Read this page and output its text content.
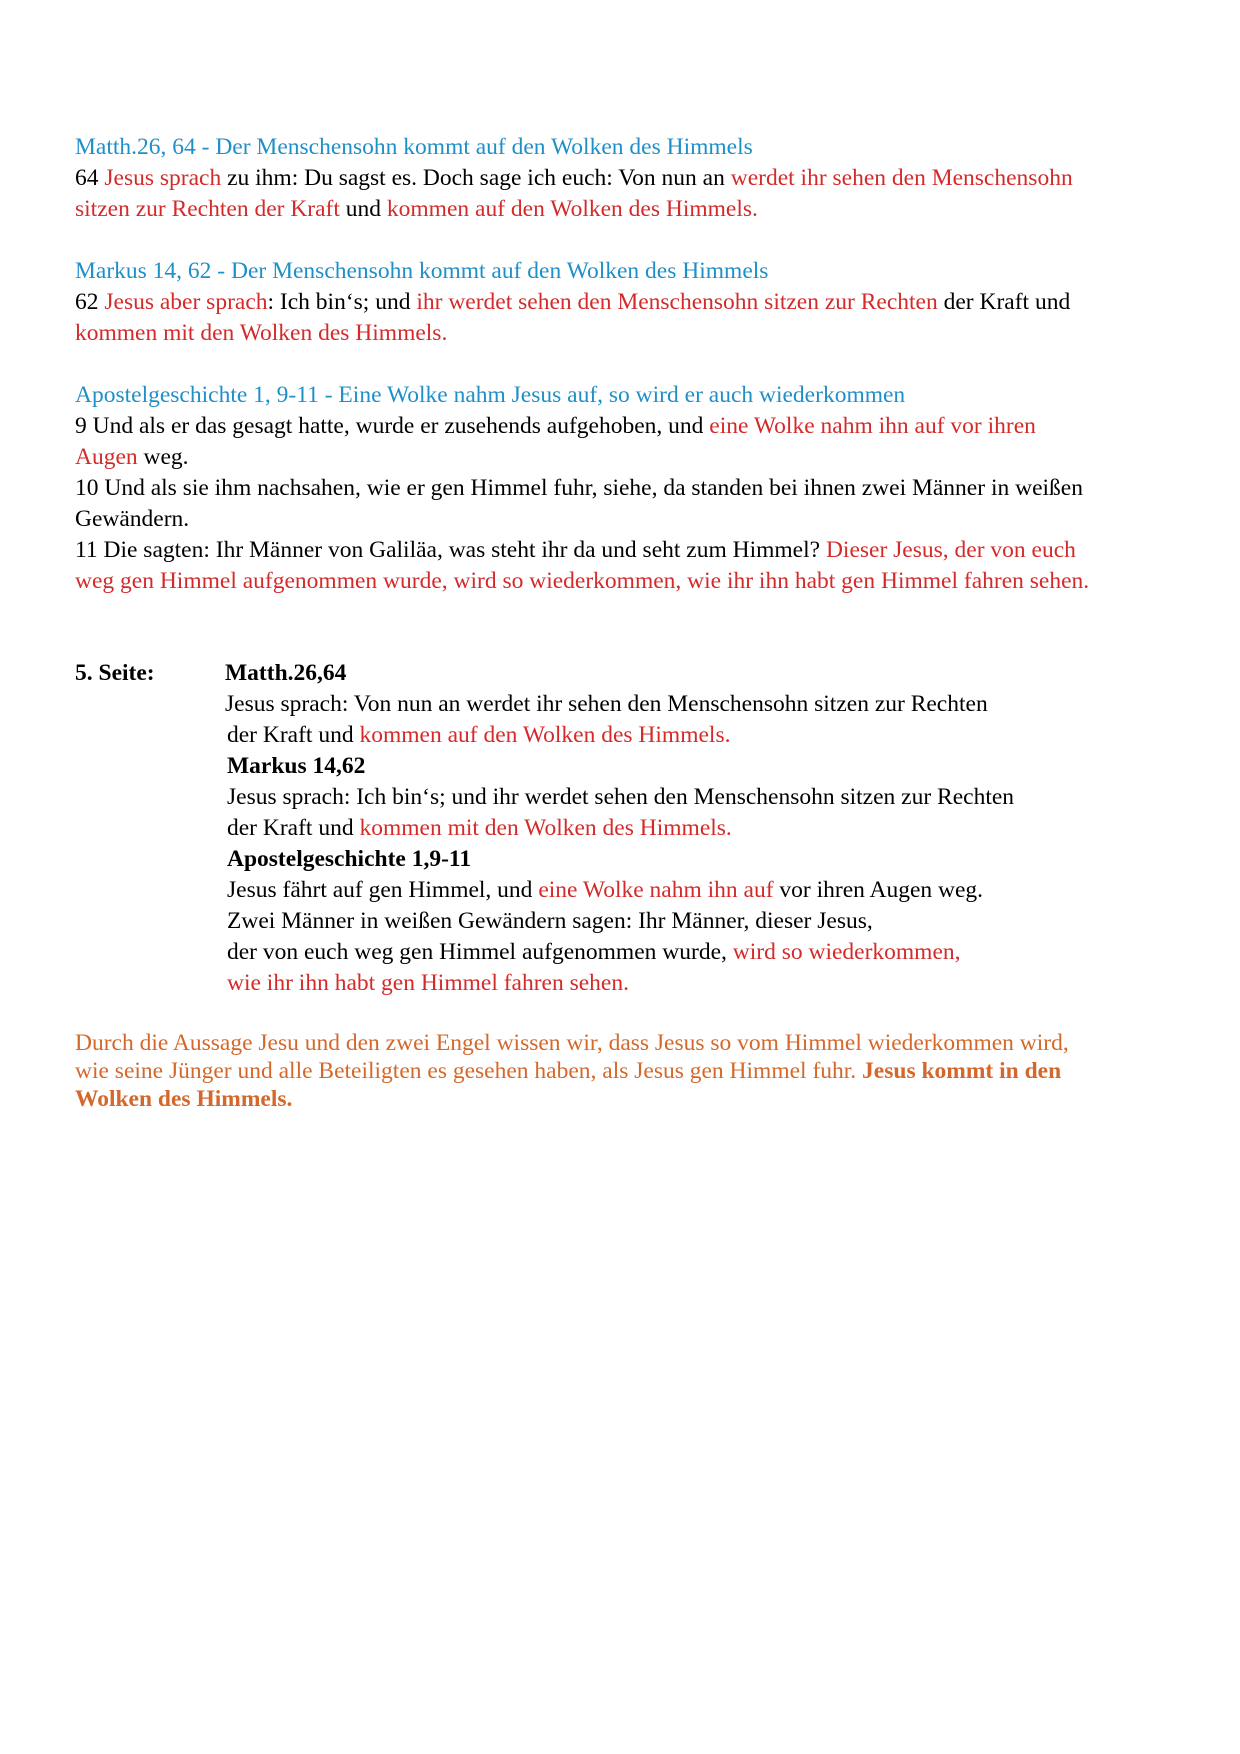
Matth.26, 64 - Der Menschensohn kommt auf den Wolken des Himmels

64 Jesus sprach zu ihm: Du sagst es. Doch sage ich euch: Von nun an werdet ihr sehen den Menschensohn

sitzen zur Rechten der Kraft und kommen auf den Wolken des Himmels.

Markus 14, 62 - Der Menschensohn kommt auf den Wolken des Himmels

62 Jesus aber sprach: Ich bin‘s; und ihr werdet sehen den Menschensohn sitzen zur Rechten der Kraft und

kommen mit den Wolken des Himmels.

Apostelgeschichte 1, 9-11 - Eine Wolke nahm Jesus auf, so wird er auch wiederkommen

9 Und als er das gesagt hatte, wurde er zusehends aufgehoben, und eine Wolke nahm ihn auf vor ihren

Augen weg.

10 Und als sie ihm nachsahen, wie er gen Himmel fuhr, siehe, da standen bei ihnen zwei Männer in weißen

Gewändern.

11 Die sagten: Ihr Männer von Galiläa, was steht ihr da und seht zum Himmel? Dieser Jesus, der von euch

weg gen Himmel aufgenommen wurde, wird so wiederkommen, wie ihr ihn habt gen Himmel fahren sehen.

5. Seite:	Matth.26,64

Jesus sprach: Von nun an werdet ihr sehen den Menschensohn sitzen zur Rechten

der Kraft und kommen auf den Wolken des Himmels.

Markus 14,62

Jesus sprach: Ich bin‘s; und ihr werdet sehen den Menschensohn sitzen zur Rechten

der Kraft und kommen mit den Wolken des Himmels.

Apostelgeschichte 1,9-11

Jesus fährt auf gen Himmel, und eine Wolke nahm ihn auf vor ihren Augen weg.

Zwei Männer in weißen Gewändern sagen: Ihr Männer, dieser Jesus,

der von euch weg gen Himmel aufgenommen wurde, wird so wiederkommen,

wie ihr ihn habt gen Himmel fahren sehen.

Durch die Aussage Jesu und den zwei Engel wissen wir, dass Jesus so vom Himmel wiederkommen wird,

wie seine Jünger und alle Beteiligten es gesehen haben, als Jesus gen Himmel fuhr. Jesus kommt in den

Wolken des Himmels.
